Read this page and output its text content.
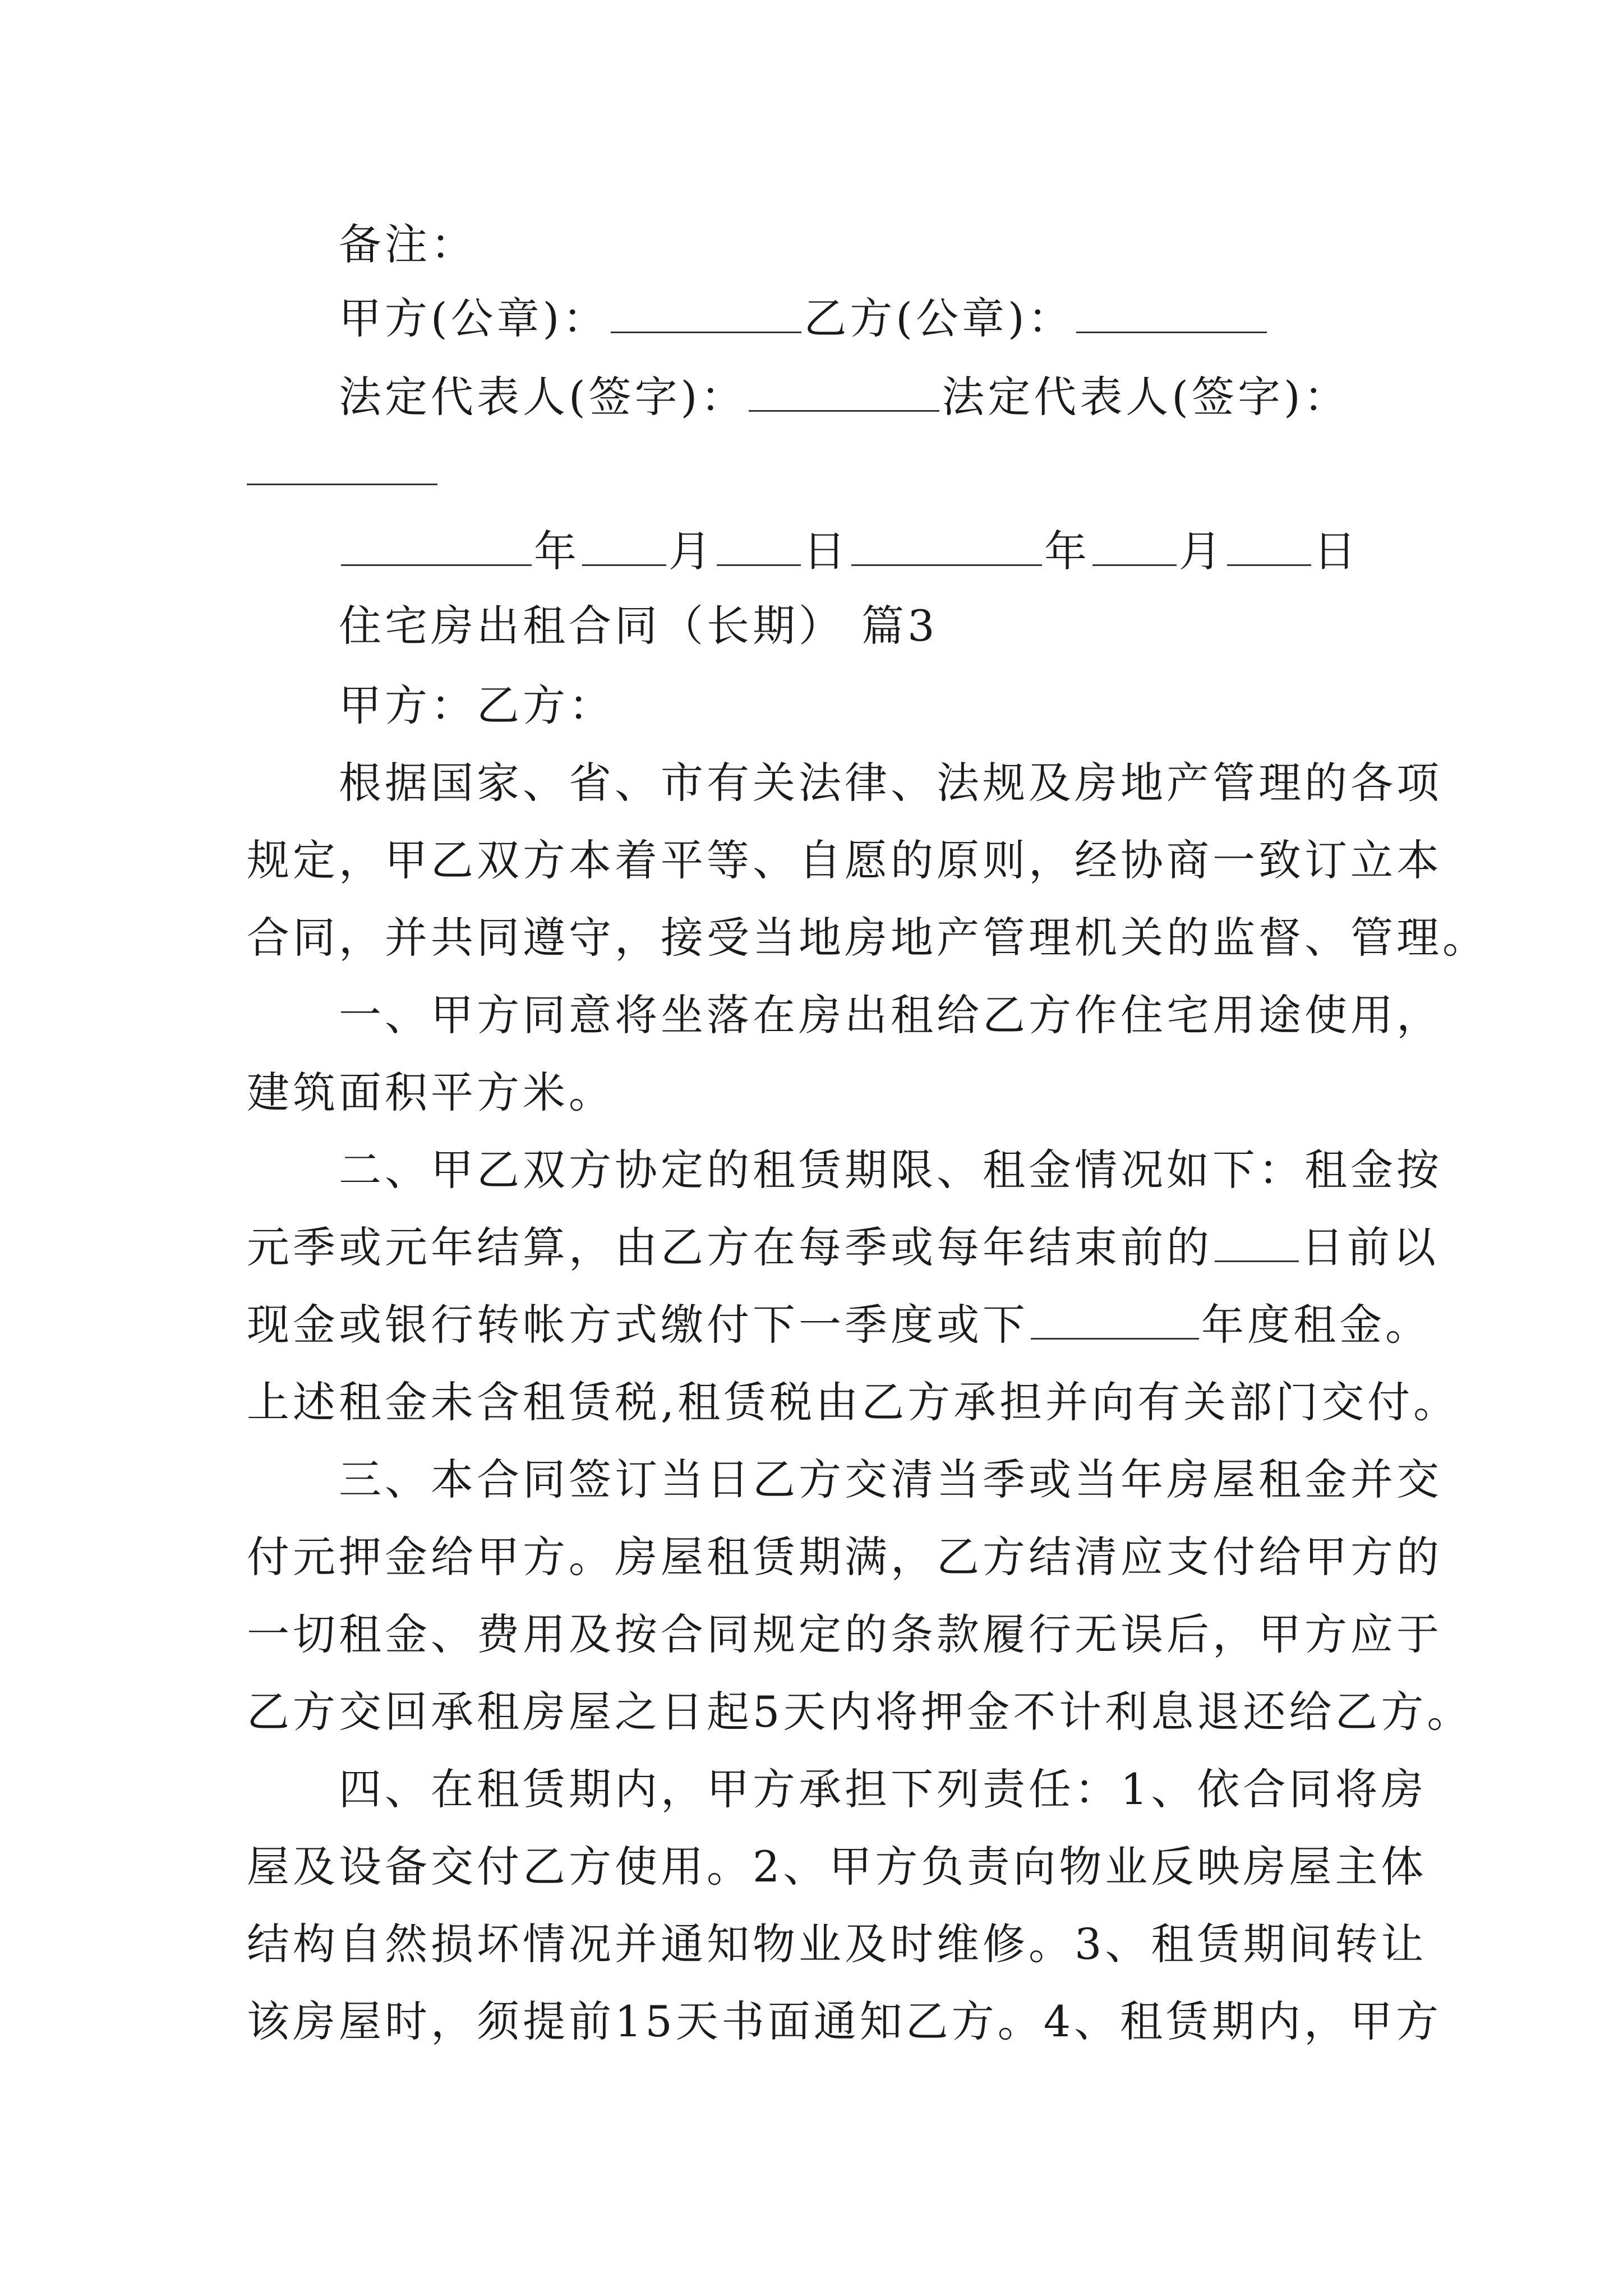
备注：
甲方(公章)：	乙方(公章)：
法定代表人(签字)：	法定代表人(签字)：
年 月 日	年 月 日
住宅房出租合同（长期） 篇3
甲方：乙方：
根据国家、省、市有关法律、法规及房地产管理的各项
规定，甲乙双方本着平等、自愿的原则，经协商一致订立本
合同，并共同遵守，接受当地房地产管理机关的监督、管理。
一、甲方同意将坐落在房出租给乙方作住宅用途使用，
建筑面积平方米。
二、甲乙双方协定的租赁期限、租金情况如下：租金按
元季或元年结算，由乙方在每季或每年结束前的 日前以
现金或银行转帐方式缴付下一季度或下	年度租金。
上述租金未含租赁税,租赁税由乙方承担并向有关部门交付。
三、本合同签订当日乙方交清当季或当年房屋租金并交
付元押金给甲方。房屋租赁期满，乙方结清应支付给甲方的
一切租金、费用及按合同规定的条款履行无误后，甲方应于
乙方交回承租房屋之日起5天内将押金不计利息退还给乙方。
四、在租赁期内，甲方承担下列责任：1、依合同将房
屋及设备交付乙方使用。2、甲方负责向物业反映房屋主体
结构自然损坏情况并通知物业及时维修。3、租赁期间转让
该房屋时，须提前15天书面通知乙方。4、租赁期内，甲方
